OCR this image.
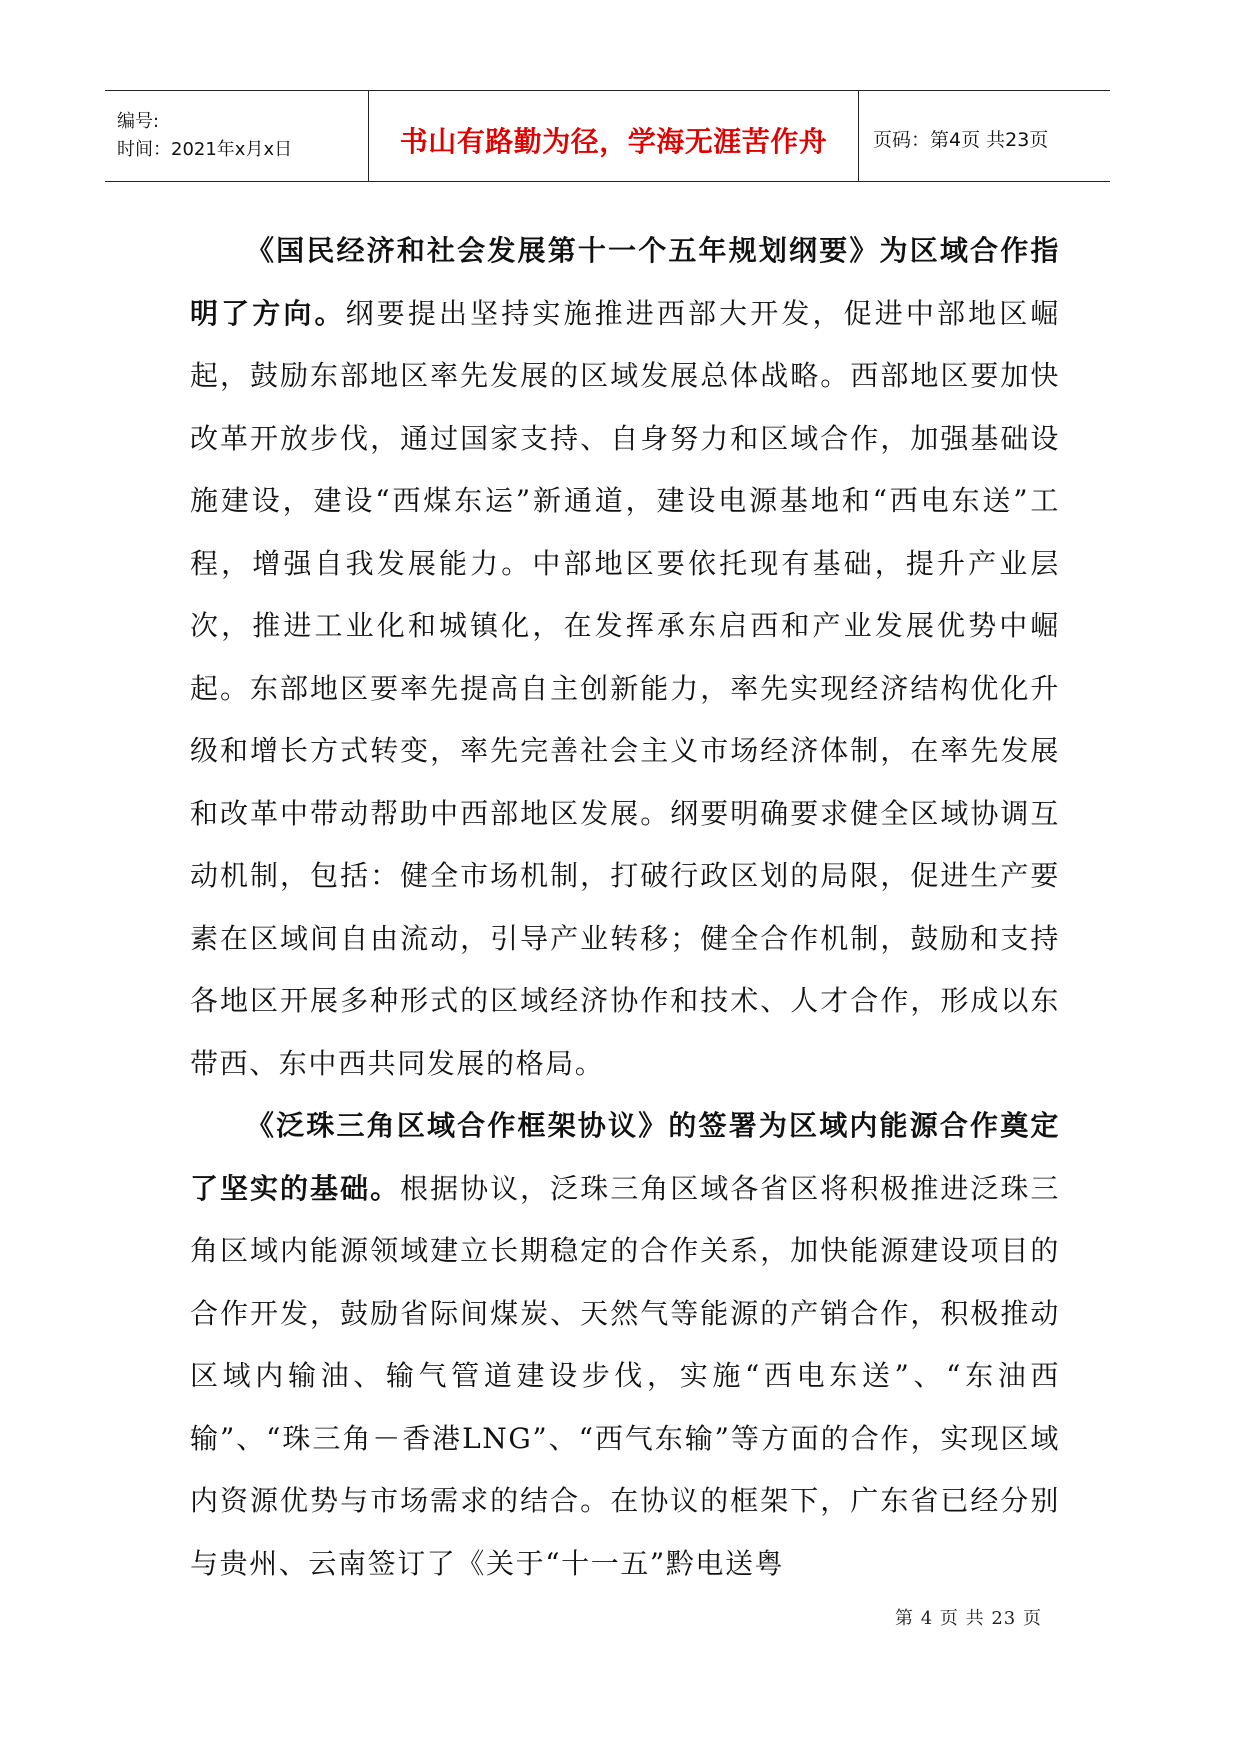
编号:
时间：2021年x月x日	书山有路勤为径，学海无涯苦作舟 页码：第4页 共23页

《国民经济和社会发展第十一个五年规划纲要》为区域合作指明了方向。纲要提出坚持实施推进西部大开发，促进中部地区崛起，鼓励东部地区率先发展的区域发展总体战略。西部地区要加快改革开放步伐，通过国家支持、自身努力和区域合作，加强基础设施建设，建设“西煤东运”新通道，建设电源基地和“西电东送”工程，增强自我发展能力。中部地区要依托现有基础，提升产业层次，推进工业化和城镇化，在发挥承东启西和产业发展优势中崛起。东部地区要率先提高自主创新能力，率先实现经济结构优化升级和增长方式转变，率先完善社会主义市场经济体制，在率先发展和改革中带动帮助中西部地区发展。纲要明确要求健全区域协调互动机制，包括：健全市场机制，打破行政区划的局限，促进生产要素在区域间自由流动，引导产业转移；健全合作机制，鼓励和支持各地区开展多种形式的区域经济协作和技术、人才合作，形成以东带西、东中西共同发展的格局。

《泛珠三角区域合作框架协议》的签署为区域内能源合作奠定了坚实的基础。根据协议，泛珠三角区域各省区将积极推进泛珠三角区域内能源领域建立长期稳定的合作关系，加快能源建设项目的合作开发，鼓励省际间煤炭、天然气等能源的产销合作，积极推动区域内输油、输气管道建设步伐，实施“西电东送”、“东油西输”、“珠三角－香港LNG”、“西气东输”等方面的合作，实现区域内资源优势与市场需求的结合。在协议的框架下，广东省已经分别与贵州、云南签订了《关于“十一五”黔电送粤

第 4 页 共 23 页
